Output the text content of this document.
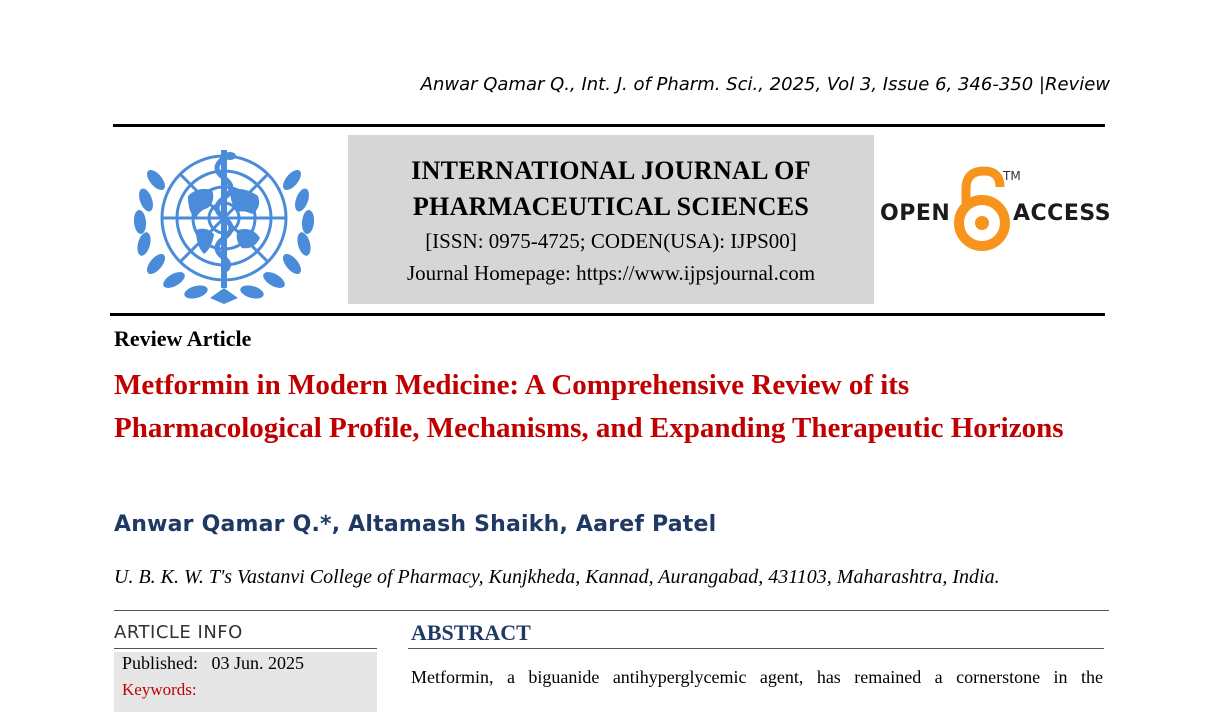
Anwar Qamar Q., Int. J. of Pharm. Sci., 2025, Vol 3, Issue 6, 346-350 |Review
INTERNATIONAL JOURNAL OF
PHARMACEUTICAL SCIENCES
[ISSN: 0975-4725; CODEN(USA): IJPS00]
Journal Homepage: https://www.ijpsjournal.com
OPEN
TM
ACCESS
Review Article
Metformin in Modern Medicine: A Comprehensive Review of its Pharmacological Profile, Mechanisms, and Expanding Therapeutic Horizons
Anwar Qamar Q.*, Altamash Shaikh, Aaref Patel
U. B. K. W. T's Vastanvi College of Pharmacy, Kunjkheda, Kannad, Aurangabad, 431103, Maharashtra, India.
ARTICLE INFO
Published:   03 Jun. 2025
Keywords:
ABSTRACT
Metformin, a biguanide antihyperglycemic agent, has remained a cornerstone in the
